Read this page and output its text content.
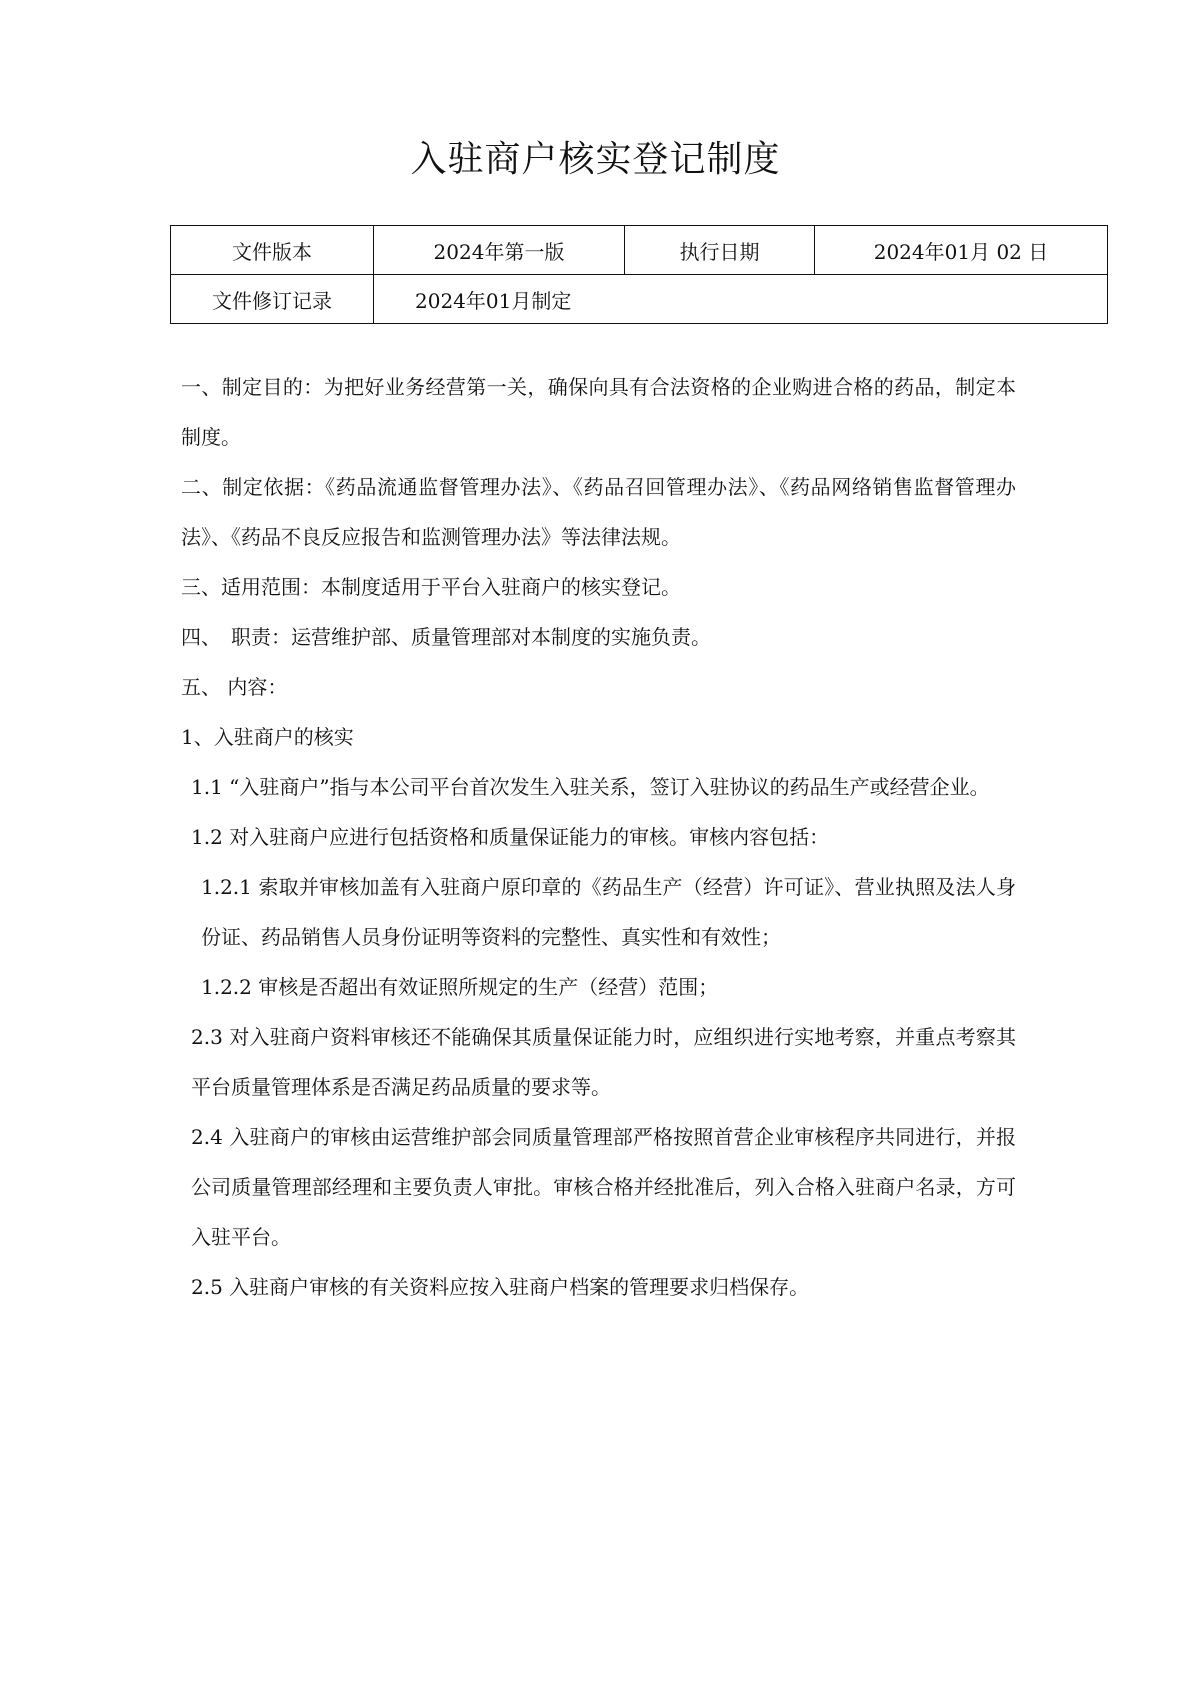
入驻商户核实登记制度
文件版本	2024年第一版	执行日期	2024年01月 02 日
文件修订记录	2024年01月制定		

一、制定目的：为把好业务经营第一关，确保向具有合法资格的企业购进合格的药品，制定本制度。

二、制定依据：《药品流通监督管理办法》、《药品召回管理办法》、《药品网络销售监督管理办法》、《药品不良反应报告和监测管理办法》等法律法规。

三、适用范围：本制度适用于平台入驻商户的核实登记。

四、　职责：运营维护部、质量管理部对本制度的实施负责。

五、 内容：

1、入驻商户的核实

1.1 “入驻商户”指与本公司平台首次发生入驻关系，签订入驻协议的药品生产或经营企业。

1.2 对入驻商户应进行包括资格和质量保证能力的审核。审核内容包括：

1.2.1 索取并审核加盖有入驻商户原印章的《药品生产（经营）许可证》、营业执照及法人身份证、药品销售人员身份证明等资料的完整性、真实性和有效性；

1.2.2 审核是否超出有效证照所规定的生产（经营）范围；

2.3 对入驻商户资料审核还不能确保其质量保证能力时，应组织进行实地考察，并重点考察其平台质量管理体系是否满足药品质量的要求等。

2.4 入驻商户的审核由运营维护部会同质量管理部严格按照首营企业审核程序共同进行，并报公司质量管理部经理和主要负责人审批。审核合格并经批准后，列入合格入驻商户名录，方可入驻平台。

2.5 入驻商户审核的有关资料应按入驻商户档案的管理要求归档保存。
